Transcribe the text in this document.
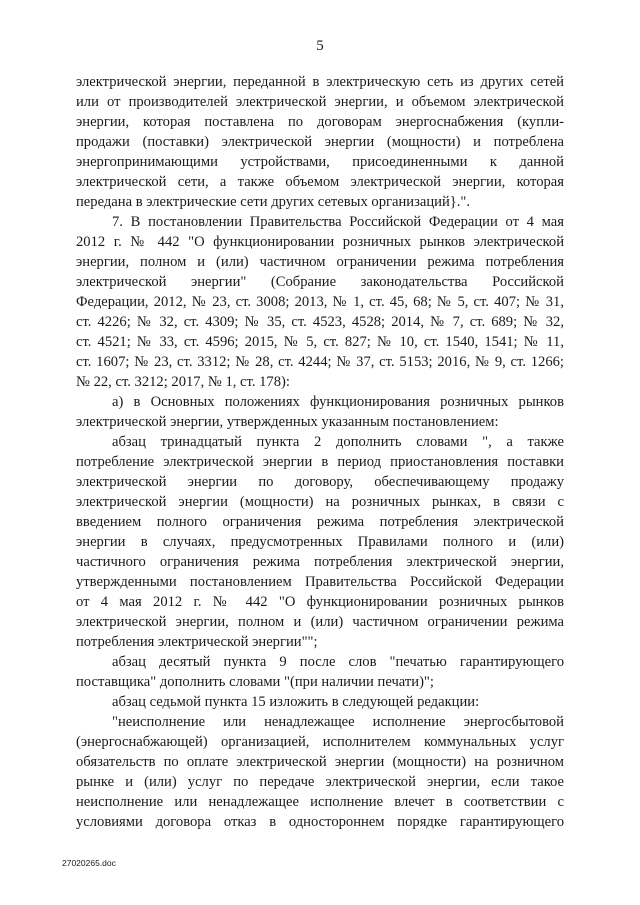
5
электрической энергии, переданной в электрическую сеть из других сетей
или от производителей электрической энергии, и объемом электрической
энергии, которая поставлена по договорам энергоснабжения (купли-
продажи (поставки) электрической энергии (мощности) и потреблена
энергопринимающими устройствами, присоединенными к данной
электрической сети, а также объемом электрической энергии, которая
передана в электрические сети других сетевых организаций}.".
7. В постановлении Правительства Российской Федерации от 4 мая
2012 г. № 442 "О функционировании розничных рынков электрической
энергии, полном и (или) частичном ограничении режима потребления
электрической энергии" (Собрание законодательства Российской
Федерации, 2012, № 23, ст. 3008; 2013, № 1, ст. 45, 68; № 5, ст. 407; № 31,
ст. 4226; № 32, ст. 4309; № 35, ст. 4523, 4528; 2014, № 7, ст. 689; № 32,
ст. 4521; № 33, ст. 4596; 2015, № 5, ст. 827; № 10, ст. 1540, 1541; № 11,
ст. 1607; № 23, ст. 3312; № 28, ст. 4244; № 37, ст. 5153; 2016, № 9, ст. 1266;
№ 22, ст. 3212; 2017, № 1, ст. 178):
а) в Основных положениях функционирования розничных рынков
электрической энергии, утвержденных указанным постановлением:
абзац тринадцатый пункта 2 дополнить словами ", а также
потребление электрической энергии в период приостановления поставки
электрической энергии по договору, обеспечивающему продажу
электрической энергии (мощности) на розничных рынках, в связи с
введением полного ограничения режима потребления электрической
энергии в случаях, предусмотренных Правилами полного и (или)
частичного ограничения режима потребления электрической энергии,
утвержденными постановлением Правительства Российской Федерации
от 4 мая 2012 г. № 442 "О функционировании розничных рынков
электрической энергии, полном и (или) частичном ограничении режима
потребления электрической энергии"";
абзац десятый пункта 9 после слов "печатью гарантирующего
поставщика" дополнить словами "(при наличии печати)";
абзац седьмой пункта 15 изложить в следующей редакции:
"неисполнение или ненадлежащее исполнение энергосбытовой
(энергоснабжающей) организацией, исполнителем коммунальных услуг
обязательств по оплате электрической энергии (мощности) на розничном
рынке и (или) услуг по передаче электрической энергии, если такое
неисполнение или ненадлежащее исполнение влечет в соответствии с
условиями договора отказ в одностороннем порядке гарантирующего
27020265.doc
